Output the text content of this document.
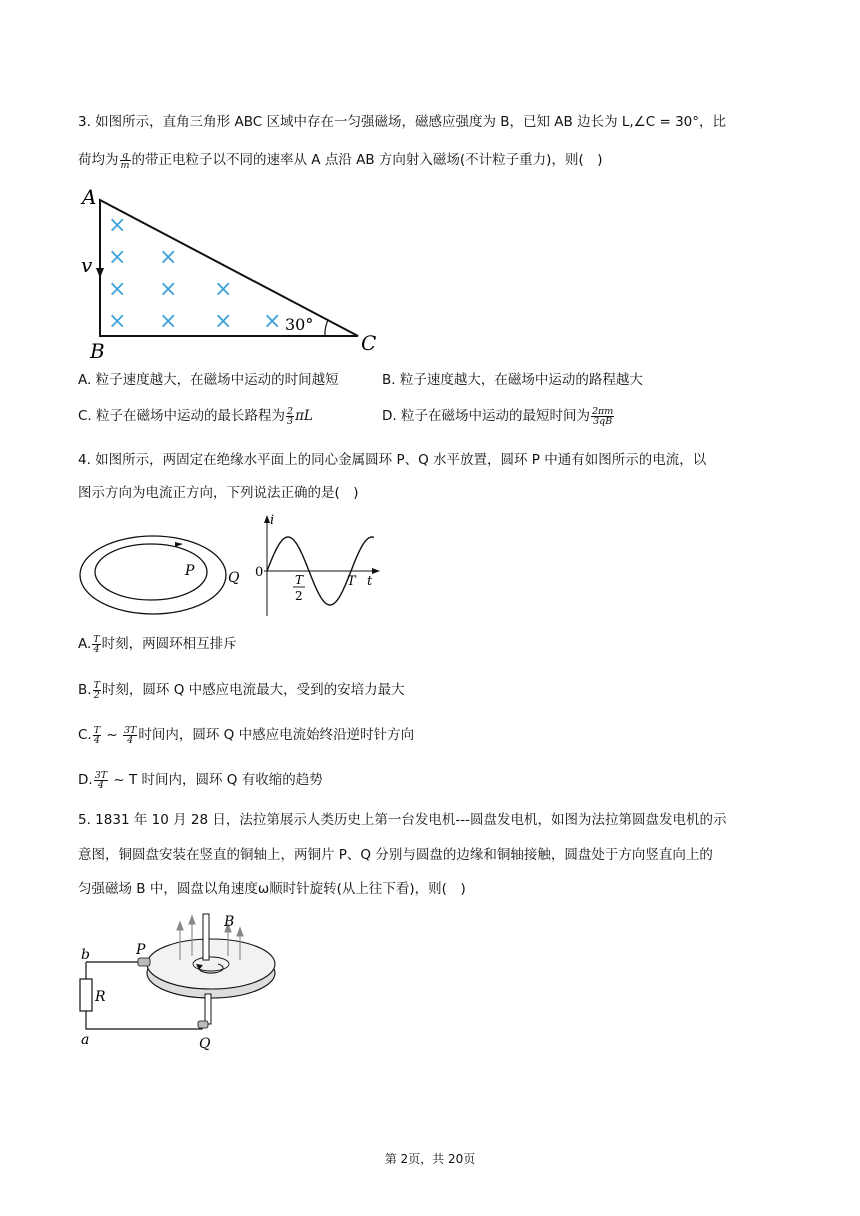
3. 如图所示，直角三角形 ABC 区域中存在一匀强磁场，磁感应强度为 B，已知 AB 边长为 L,∠C = 30°，比
荷均为 $\frac{q}{m}$ 的带正电粒子以不同的速率从 A 点沿 AB 方向射入磁场(不计粒子重力)，则(　)
A
B	C
v
30°
×
×
×
×
×
×
×
×
× ×
A. 粒子速度越大，在磁场中运动的时间越短	B. 粒子速度越大，在磁场中运动的路程越大
C. 粒子在磁场中运动的最长路程为 $\frac{2}{3}$ πL	D. 粒子在磁场中运动的最短时间为 $\frac{2\pi m}{3qB}$
4. 如图所示，两固定在绝缘水平面上的同心金属圆环 P、Q 水平放置，圆环 P 中通有如图所示的电流，以
图示方向为电流正方向，下列说法正确的是(　)
P Q
i
t
0	T
2
T
A. $\frac{T}{4}$ 时刻，两圆环相互排斥
B. $\frac{T}{2}$ 时刻，圆环 Q 中感应电流最大，受到的安培力最大
C. $\frac{T}{4}$ ~ $\frac{3T}{4}$ 时间内，圆环 Q 中感应电流始终沿逆时针方向
D. $\frac{3T}{4}$ ~ T 时间内，圆环 Q 有收缩的趋势
5. 1831 年 10 月 28 日，法拉第展示人类历史上第一台发电机---圆盘发电机，如图为法拉第圆盘发电机的示
意图，铜圆盘安装在竖直的铜轴上，两铜片 P、Q 分别与圆盘的边缘和铜轴接触，圆盘处于方向竖直向上的
匀强磁场 B 中，圆盘以角速度ω顺时针旋转(从上往下看)，则(　)
b
a
R
P
Q
B
第 2页，共 20页
